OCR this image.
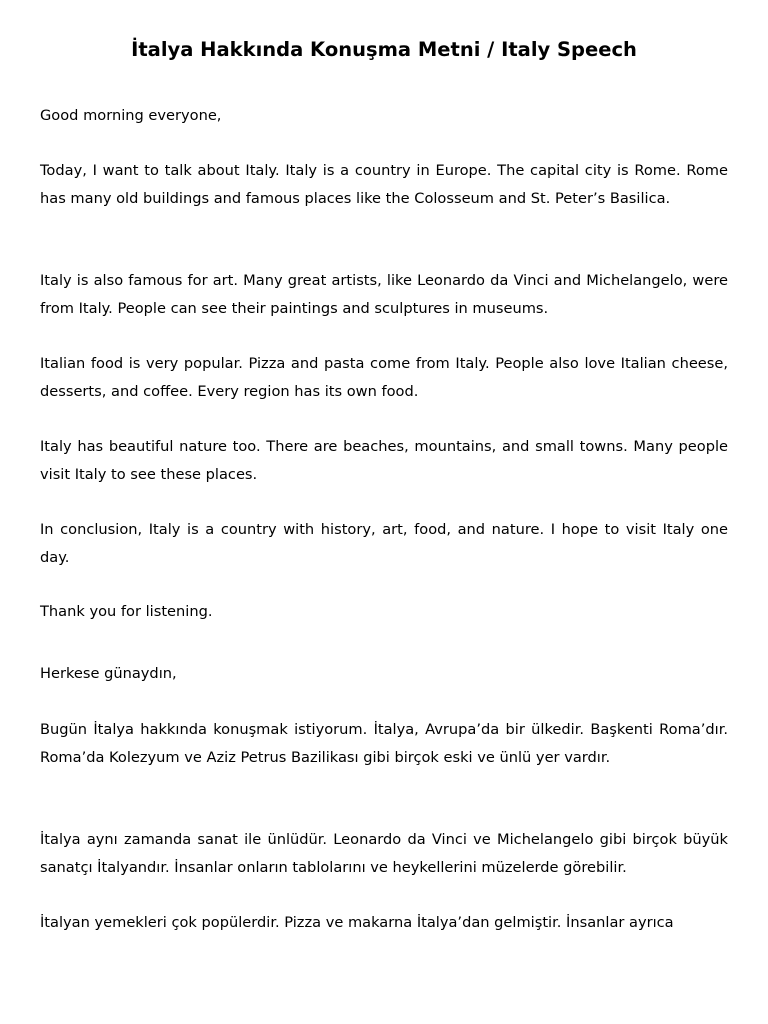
İtalya Hakkında Konuşma Metni / Italy Speech

Good morning everyone,

Today, I want to talk about Italy. Italy is a country in Europe. The capital city is Rome. Rome has many old buildings and famous places like the Colosseum and St. Peter’s Basilica.

Italy is also famous for art. Many great artists, like Leonardo da Vinci and Michelangelo, were from Italy. People can see their paintings and sculptures in museums.

Italian food is very popular. Pizza and pasta come from Italy. People also love Italian cheese, desserts, and coffee. Every region has its own food.

Italy has beautiful nature too. There are beaches, mountains, and small towns. Many people visit Italy to see these places.

In conclusion, Italy is a country with history, art, food, and nature. I hope to visit Italy one day.

Thank you for listening.

Herkese günaydın,

Bugün İtalya hakkında konuşmak istiyorum. İtalya, Avrupa’da bir ülkedir. Başkenti Roma’dır. Roma’da Kolezyum ve Aziz Petrus Bazilikası gibi birçok eski ve ünlü yer vardır.

İtalya aynı zamanda sanat ile ünlüdür. Leonardo da Vinci ve Michelangelo gibi birçok büyük sanatçı İtalyandır. İnsanlar onların tablolarını ve heykellerini müzelerde görebilir.

İtalyan yemekleri çok popülerdir. Pizza ve makarna İtalya’dan gelmiştir. İnsanlar ayrıca
